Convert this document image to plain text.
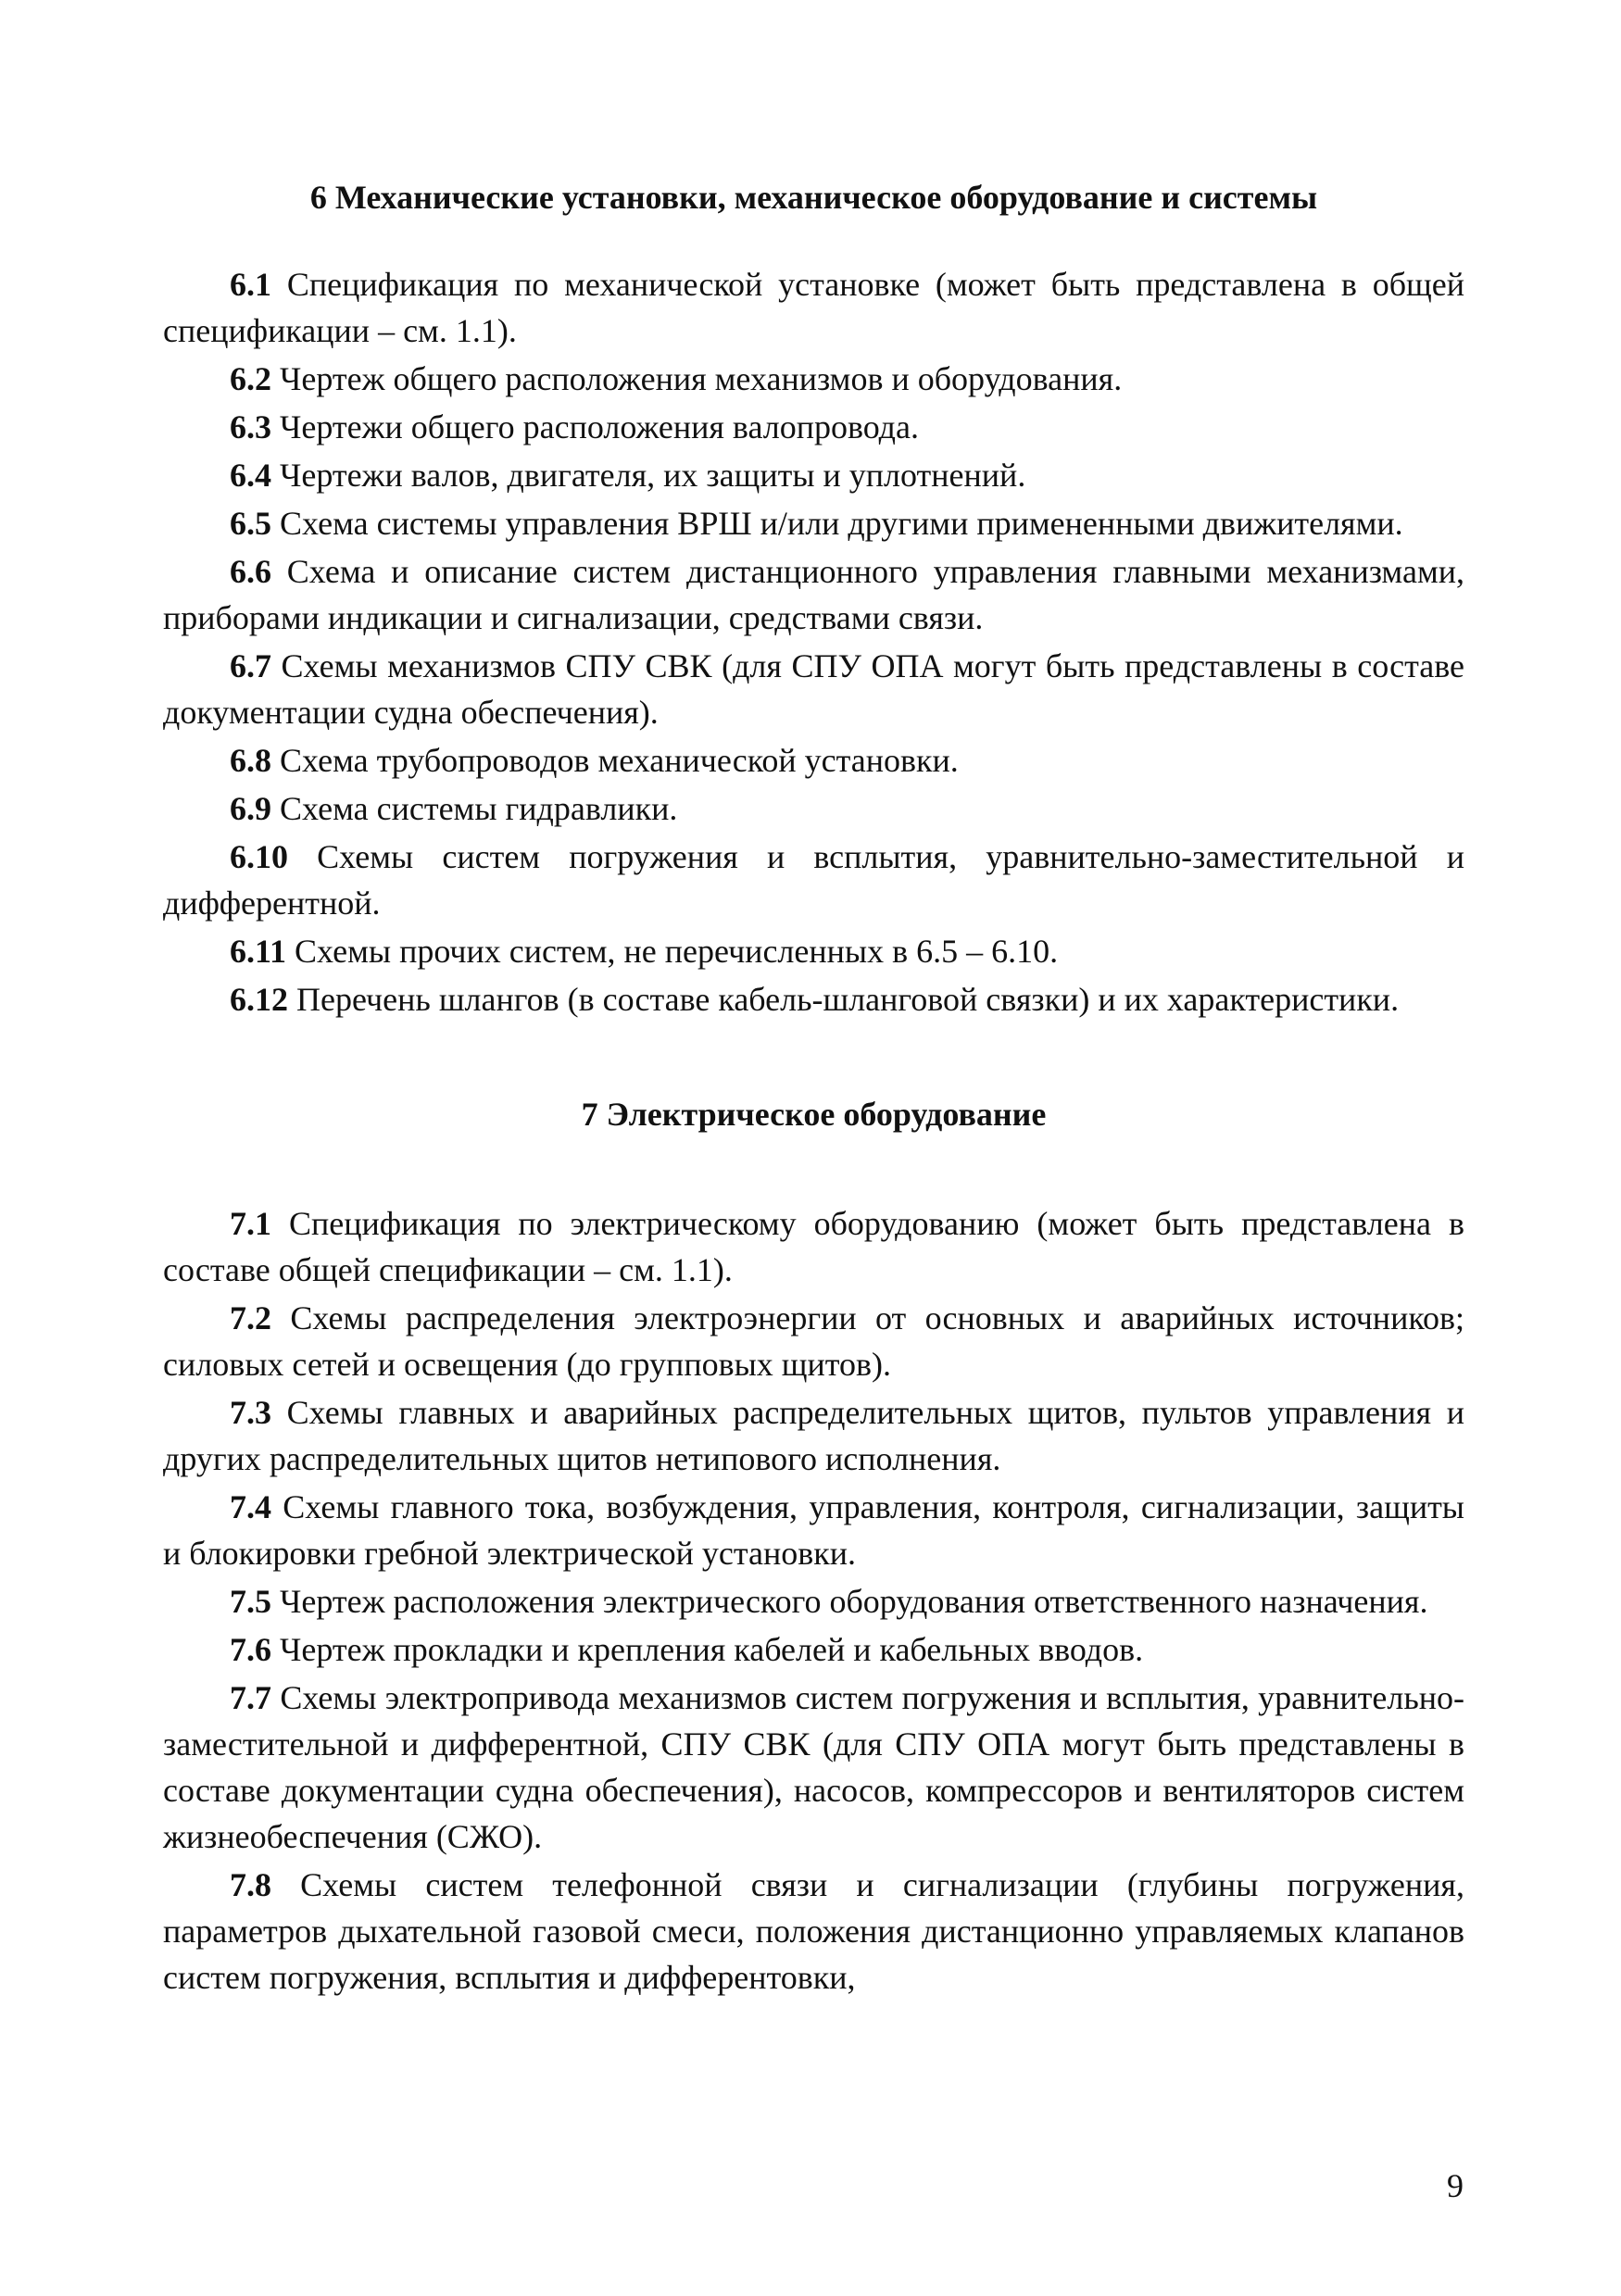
6 Механические установки, механическое оборудование и системы

6.1 Спецификация по механической установке (может быть представлена в общей спецификации – см. 1.1).

6.2 Чертеж общего расположения механизмов и оборудования.

6.3 Чертежи общего расположения валопровода.

6.4 Чертежи валов, двигателя, их защиты и уплотнений.

6.5 Схема системы управления ВРШ и/или другими примененными движителями.

6.6 Схема и описание систем дистанционного управления главными механизмами, приборами индикации и сигнализации, средствами связи.

6.7 Схемы механизмов СПУ СВК (для СПУ ОПА могут быть представлены в составе документации судна обеспечения).

6.8 Схема трубопроводов механической установки.

6.9 Схема системы гидравлики.

6.10 Схемы систем погружения и всплытия, уравнительно-заместительной и дифферентной.

6.11 Схемы прочих систем, не перечисленных в 6.5 – 6.10.

6.12 Перечень шлангов (в составе кабель-шланговой связки) и их характеристики.

7 Электрическое оборудование

7.1 Спецификация по электрическому оборудованию (может быть представлена в составе общей спецификации – см. 1.1).

7.2 Схемы распределения электроэнергии от основных и аварийных источников; силовых сетей и освещения (до групповых щитов).

7.3 Схемы главных и аварийных распределительных щитов, пультов управления и других распределительных щитов нетипового исполнения.

7.4 Схемы главного тока, возбуждения, управления, контроля, сигнализации, защиты и блокировки гребной электрической установки.

7.5 Чертеж расположения электрического оборудования ответственного назначения.

7.6 Чертеж прокладки и крепления кабелей и кабельных вводов.

7.7 Схемы электропривода механизмов систем погружения и всплытия, уравнительно-заместительной и дифферентной, СПУ СВК (для СПУ ОПА могут быть представлены в составе документации судна обеспечения), насосов, компрессоров и вентиляторов систем жизнеобеспечения (СЖО).

7.8 Схемы систем телефонной связи и сигнализации (глубины погружения, параметров дыхательной газовой смеси, положения дистанционно управляемых клапанов систем погружения, всплытия и дифферентовки,

9
